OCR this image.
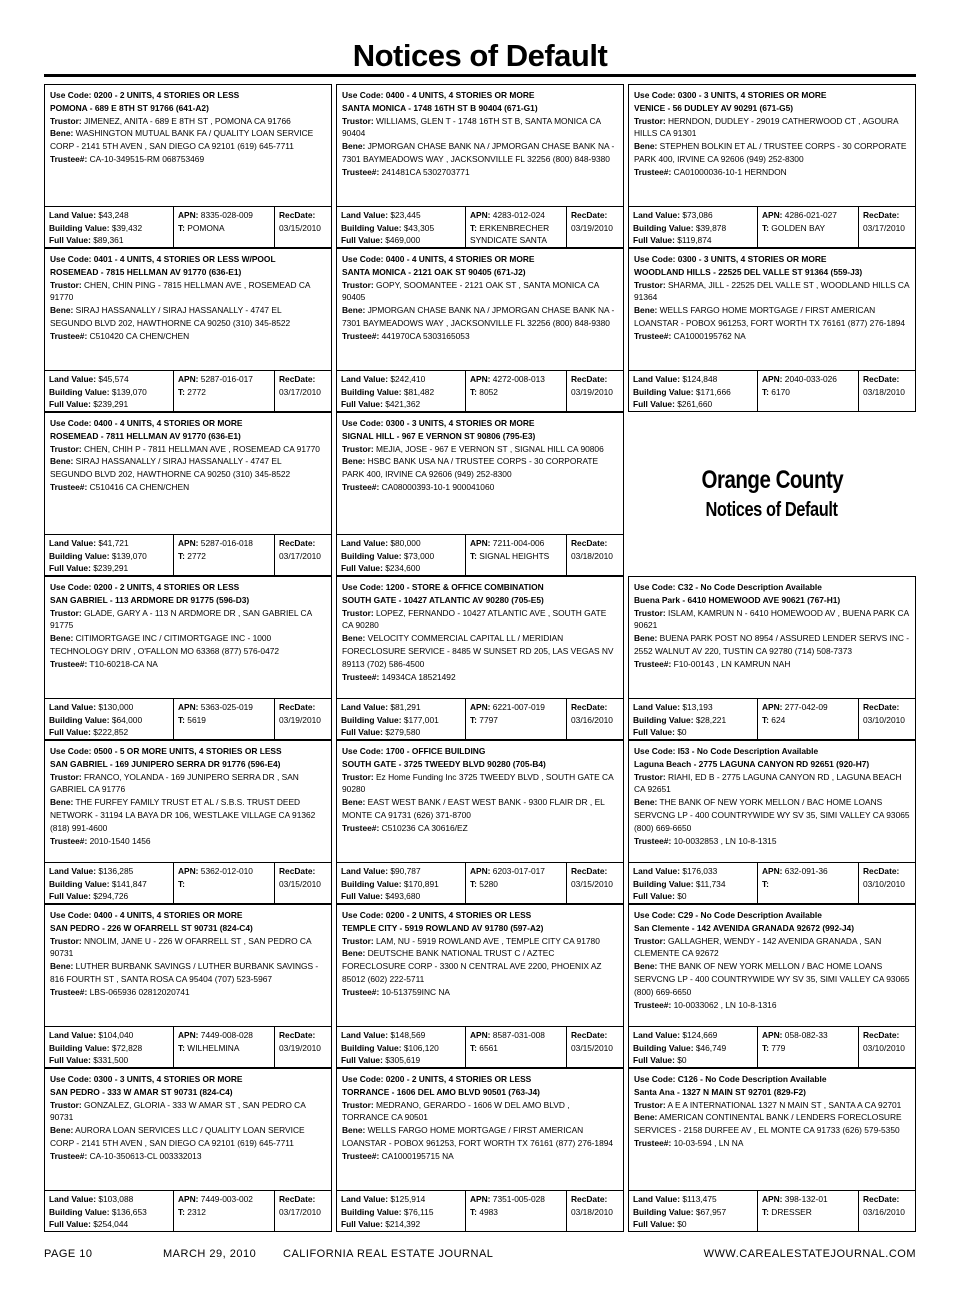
Notices of Default
Use Code: 0200 - 2 UNITS, 4 STORIES OR LESS
POMONA - 689 E 8TH ST 91766 (641-A2)
Trustor: JIMENEZ, ANITA - 689 E 8TH ST , POMONA CA 91766
Bene: WASHINGTON MUTUAL BANK FA / QUALITY LOAN SERVICE CORP - 2141 5TH AVEN , SAN DIEGO CA 92101 (619) 645-7711
Trustee#: CA-10-349515-RM 068753469
Land Value: $43,248
Building Value: $39,432
Full Value: $89,361
APN: 8335-028-009
T: POMONA
RecDate:
03/15/2010
Use Code: 0400 - 4 UNITS, 4 STORIES OR MORE
SANTA MONICA - 1748 16TH ST B 90404 (671-G1)
Trustor: WILLIAMS, GLEN T - 1748 16TH ST B, SANTA MONICA CA 90404
Bene: JPMORGAN CHASE BANK NA / JPMORGAN CHASE BANK NA - 7301 BAYMEADOWS WAY , JACKSONVILLE FL 32256 (800) 848-9380
Trustee#: 241481CA 5302703771
Land Value: $23,445
Building Value: $43,305
Full Value: $469,000
APN: 4283-012-024
T: ERKENBRECHER SYNDICATE SANTA
RecDate:
03/19/2010
Use Code: 0300 - 3 UNITS, 4 STORIES OR MORE
VENICE - 56 DUDLEY AV 90291 (671-G5)
Trustor: HERNDON, DUDLEY - 29019 CATHERWOOD CT , AGOURA HILLS CA 91301
Bene: STEPHEN BOLKIN ET AL / TRUSTEE CORPS - 30 CORPORATE PARK 400, IRVINE CA 92606 (949) 252-8300
Trustee#: CA01000036-10-1 HERNDON
Land Value: $73,086
Building Value: $39,878
Full Value: $119,874
APN: 4286-021-027
T: GOLDEN BAY
RecDate:
03/17/2010
Use Code: 0401 - 4 UNITS, 4 STORIES OR LESS W/POOL
ROSEMEAD - 7815 HELLMAN AV 91770 (636-E1)
Trustor: CHEN, CHIN PING - 7815 HELLMAN AVE , ROSEMEAD CA 91770
Bene: SIRAJ HASSANALLY / SIRAJ HASSANALLY - 4747 EL SEGUNDO BLVD 202, HAWTHORNE CA 90250 (310) 345-8522
Trustee#: C510420 CA CHEN/CHEN
Land Value: $45,574
Building Value: $139,070
Full Value: $239,291
APN: 5287-016-017
T: 2772
RecDate:
03/17/2010
Use Code: 0400 - 4 UNITS, 4 STORIES OR MORE
SANTA MONICA - 2121 OAK ST 90405 (671-J2)
Trustor: GOPY, SOOMANTEE - 2121 OAK ST , SANTA MONICA CA 90405
Bene: JPMORGAN CHASE BANK NA / JPMORGAN CHASE BANK NA - 7301 BAYMEADOWS WAY , JACKSONVILLE FL 32256 (800) 848-9380
Trustee#: 441970CA 5303165053
Land Value: $242,410
Building Value: $81,482
Full Value: $421,362
APN: 4272-008-013
T: 8052
RecDate:
03/19/2010
Use Code: 0300 - 3 UNITS, 4 STORIES OR MORE
WOODLAND HILLS - 22525 DEL VALLE ST 91364 (559-J3)
Trustor: SHARMA, JILL - 22525 DEL VALLE ST , WOODLAND HILLS CA 91364
Bene: WELLS FARGO HOME MORTGAGE / FIRST AMERICAN LOANSTAR - POBOX 961253, FORT WORTH TX 76161 (877) 276-1894
Trustee#: CA1000195762 NA
Land Value: $124,848
Building Value: $171,666
Full Value: $261,660
APN: 2040-033-026
T: 6170
RecDate:
03/18/2010
Use Code: 0400 - 4 UNITS, 4 STORIES OR MORE
ROSEMEAD - 7811 HELLMAN AV 91770 (636-E1)
Trustor: CHEN, CHIH P - 7811 HELLMAN AVE , ROSEMEAD CA 91770
Bene: SIRAJ HASSANALLY / SIRAJ HASSANALLY - 4747 EL SEGUNDO BLVD 202, HAWTHORNE CA 90250 (310) 345-8522
Trustee#: C510416 CA CHEN/CHEN
Land Value: $41,721
Building Value: $139,070
Full Value: $239,291
APN: 5287-016-018
T: 2772
RecDate:
03/17/2010
Use Code: 0300 - 3 UNITS, 4 STORIES OR MORE
SIGNAL HILL - 967 E VERNON ST 90806 (795-E3)
Trustor: MEJIA, JOSE - 967 E VERNON ST , SIGNAL HILL CA 90806
Bene: HSBC BANK USA NA / TRUSTEE CORPS - 30 CORPORATE PARK 400, IRVINE CA 92606 (949) 252-8300
Trustee#: CA08000393-10-1 900041060
Land Value: $80,000
Building Value: $73,000
Full Value: $234,600
APN: 7211-004-006
T: SIGNAL HEIGHTS
RecDate:
03/18/2010
Orange County
Notices of Default
Use Code: 0200 - 2 UNITS, 4 STORIES OR LESS
SAN GABRIEL - 113 ARDMORE DR 91775 (596-D3)
Trustor: GLADE, GARY A - 113 N ARDMORE DR , SAN GABRIEL CA 91775
Bene: CITIMORTGAGE INC / CITIMORTGAGE INC - 1000 TECHNOLOGY DRIV , O'FALLON MO 63368 (877) 576-0472
Trustee#: T10-60218-CA NA
Land Value: $130,000
Building Value: $64,000
Full Value: $222,852
APN: 5363-025-019
T: 5619
RecDate:
03/19/2010
Use Code: 1200 - STORE & OFFICE COMBINATION
SOUTH GATE - 10427 ATLANTIC AV 90280 (705-E5)
Trustor: LOPEZ, FERNANDO - 10427 ATLANTIC AVE , SOUTH GATE CA 90280
Bene: VELOCITY COMMERCIAL CAPITAL LL / MERIDIAN FORECLOSURE SERVICE - 8485 W SUNSET RD 205, LAS VEGAS NV 89113 (702) 586-4500
Trustee#: 14934CA 18521492
Land Value: $81,291
Building Value: $177,001
Full Value: $279,580
APN: 6221-007-019
T: 7797
RecDate:
03/16/2010
Use Code: C32 - No Code Description Available
Buena Park - 6410 HOMEWOOD AVE 90621 (767-H1)
Trustor: ISLAM, KAMRUN N - 6410 HOMEWOOD AV , BUENA PARK CA 90621
Bene: BUENA PARK POST NO 8954 / ASSURED LENDER SERVS INC - 2552 WALNUT AV 220, TUSTIN CA 92780 (714) 508-7373
Trustee#: F10-00143 , LN KAMRUN NAH
Land Value: $13,193
Building Value: $28,221
Full Value: $0
APN: 277-042-09
T: 624
RecDate:
03/10/2010
Use Code: 0500 - 5 OR MORE UNITS, 4 STORIES OR LESS
SAN GABRIEL - 169 JUNIPERO SERRA DR 91776 (596-E4)
Trustor: FRANCO, YOLANDA - 169 JUNIPERO SERRA DR , SAN GABRIEL CA 91776
Bene: THE FURFEY FAMILY TRUST ET AL / S.B.S. TRUST DEED NETWORK - 31194 LA BAYA DR 106, WESTLAKE VILLAGE CA 91362 (818) 991-4600
Trustee#: 2010-1540 1456
Land Value: $136,285
Building Value: $141,847
Full Value: $294,726
APN: 5362-012-010
T:
RecDate:
03/15/2010
Use Code: 1700 - OFFICE BUILDING
SOUTH GATE - 3725 TWEEDY BLVD 90280 (705-B4)
Trustor: Ez Home Funding Inc 3725 TWEEDY BLVD , SOUTH GATE CA 90280
Bene: EAST WEST BANK / EAST WEST BANK - 9300 FLAIR DR , EL MONTE CA 91731 (626) 371-8700
Trustee#: C510236 CA 30616/EZ
Land Value: $90,787
Building Value: $170,891
Full Value: $493,680
APN: 6203-017-017
T: 5280
RecDate:
03/15/2010
Use Code: I53 - No Code Description Available
Laguna Beach - 2775 LAGUNA CANYON RD 92651 (920-H7)
Trustor: RIAHI, ED B - 2775 LAGUNA CANYON RD , LAGUNA BEACH CA 92651
Bene: THE BANK OF NEW YORK MELLON / BAC HOME LOANS SERVCNG LP - 400 COUNTRYWIDE WY SV 35, SIMI VALLEY CA 93065 (800) 669-6650
Trustee#: 10-0032853 , LN 10-8-1315
Land Value: $176,033
Building Value: $11,734
Full Value: $0
APN: 632-091-36
T:
RecDate:
03/10/2010
Use Code: 0400 - 4 UNITS, 4 STORIES OR MORE
SAN PEDRO - 226 W OFARRELL ST 90731 (824-C4)
Trustor: NNOLIM, JANE U - 226 W OFARRELL ST , SAN PEDRO CA 90731
Bene: LUTHER BURBANK SAVINGS / LUTHER BURBANK SAVINGS - 816 FOURTH ST , SANTA ROSA CA 95404 (707) 523-5967
Trustee#: LBS-065936 02812020741
Land Value: $104,040
Building Value: $72,828
Full Value: $331,500
APN: 7449-008-028
T: WILHELMINA
RecDate:
03/19/2010
Use Code: 0200 - 2 UNITS, 4 STORIES OR LESS
TEMPLE CITY - 5919 ROWLAND AV 91780 (597-A2)
Trustor: LAM, NU - 5919 ROWLAND AVE , TEMPLE CITY CA 91780
Bene: DEUTSCHE BANK NATIONAL TRUST C / AZTEC FORECLOSURE CORP - 3300 N CENTRAL AVE 2200, PHOENIX AZ 85012 (602) 222-5711
Trustee#: 10-513759INC NA
Land Value: $148,569
Building Value: $106,120
Full Value: $305,619
APN: 8587-031-008
T: 6561
RecDate:
03/15/2010
Use Code: C29 - No Code Description Available
San Clemente - 142 AVENIDA GRANADA 92672 (992-J4)
Trustor: GALLAGHER, WENDY - 142 AVENIDA GRANADA , SAN CLEMENTE CA 92672
Bene: THE BANK OF NEW YORK MELLON / BAC HOME LOANS SERVCNG LP - 400 COUNTRYWIDE WY SV 35, SIMI VALLEY CA 93065 (800) 669-6650
Trustee#: 10-0033062 , LN 10-8-1316
Land Value: $124,669
Building Value: $46,749
Full Value: $0
APN: 058-082-33
T: 779
RecDate:
03/10/2010
Use Code: 0300 - 3 UNITS, 4 STORIES OR MORE
SAN PEDRO - 333 W AMAR ST 90731 (824-C4)
Trustor: GONZALEZ, GLORIA - 333 W AMAR ST , SAN PEDRO CA 90731
Bene: AURORA LOAN SERVICES LLC / QUALITY LOAN SERVICE CORP - 2141 5TH AVEN , SAN DIEGO CA 92101 (619) 645-7711
Trustee#: CA-10-350613-CL 003332013
Land Value: $103,088
Building Value: $136,653
Full Value: $254,044
APN: 7449-003-002
T: 2312
RecDate:
03/17/2010
Use Code: 0200 - 2 UNITS, 4 STORIES OR LESS
TORRANCE - 1606 DEL AMO BLVD 90501 (763-J4)
Trustor: MEDRANO, GERARDO - 1606 W DEL AMO BLVD , TORRANCE CA 90501
Bene: WELLS FARGO HOME MORTGAGE / FIRST AMERICAN LOANSTAR - POBOX 961253, FORT WORTH TX 76161 (877) 276-1894
Trustee#: CA1000195715 NA
Land Value: $125,914
Building Value: $76,115
Full Value: $214,392
APN: 7351-005-028
T: 4983
RecDate:
03/18/2010
Use Code: C126 - No Code Description Available
Santa Ana - 1327 N MAIN ST 92701 (829-F2)
Trustor: A E A INTERNATIONAL 1327 N MAIN ST , SANTA A CA 92701
Bene: AMERICAN CONTINENTAL BANK / LENDERS FORECLOSURE SERVICES - 2158 DURFEE AV , EL MONTE CA 91733 (626) 579-5350
Trustee#: 10-03-594 , LN NA
Land Value: $113,475
Building Value: $67,957
Full Value: $0
APN: 398-132-01
T: DRESSER
RecDate:
03/16/2010
PAGE 10	MARCH 29, 2010 CALIFORNIA REAL ESTATE JOURNAL	WWW.CAREALESTATEJOURNAL.COM
